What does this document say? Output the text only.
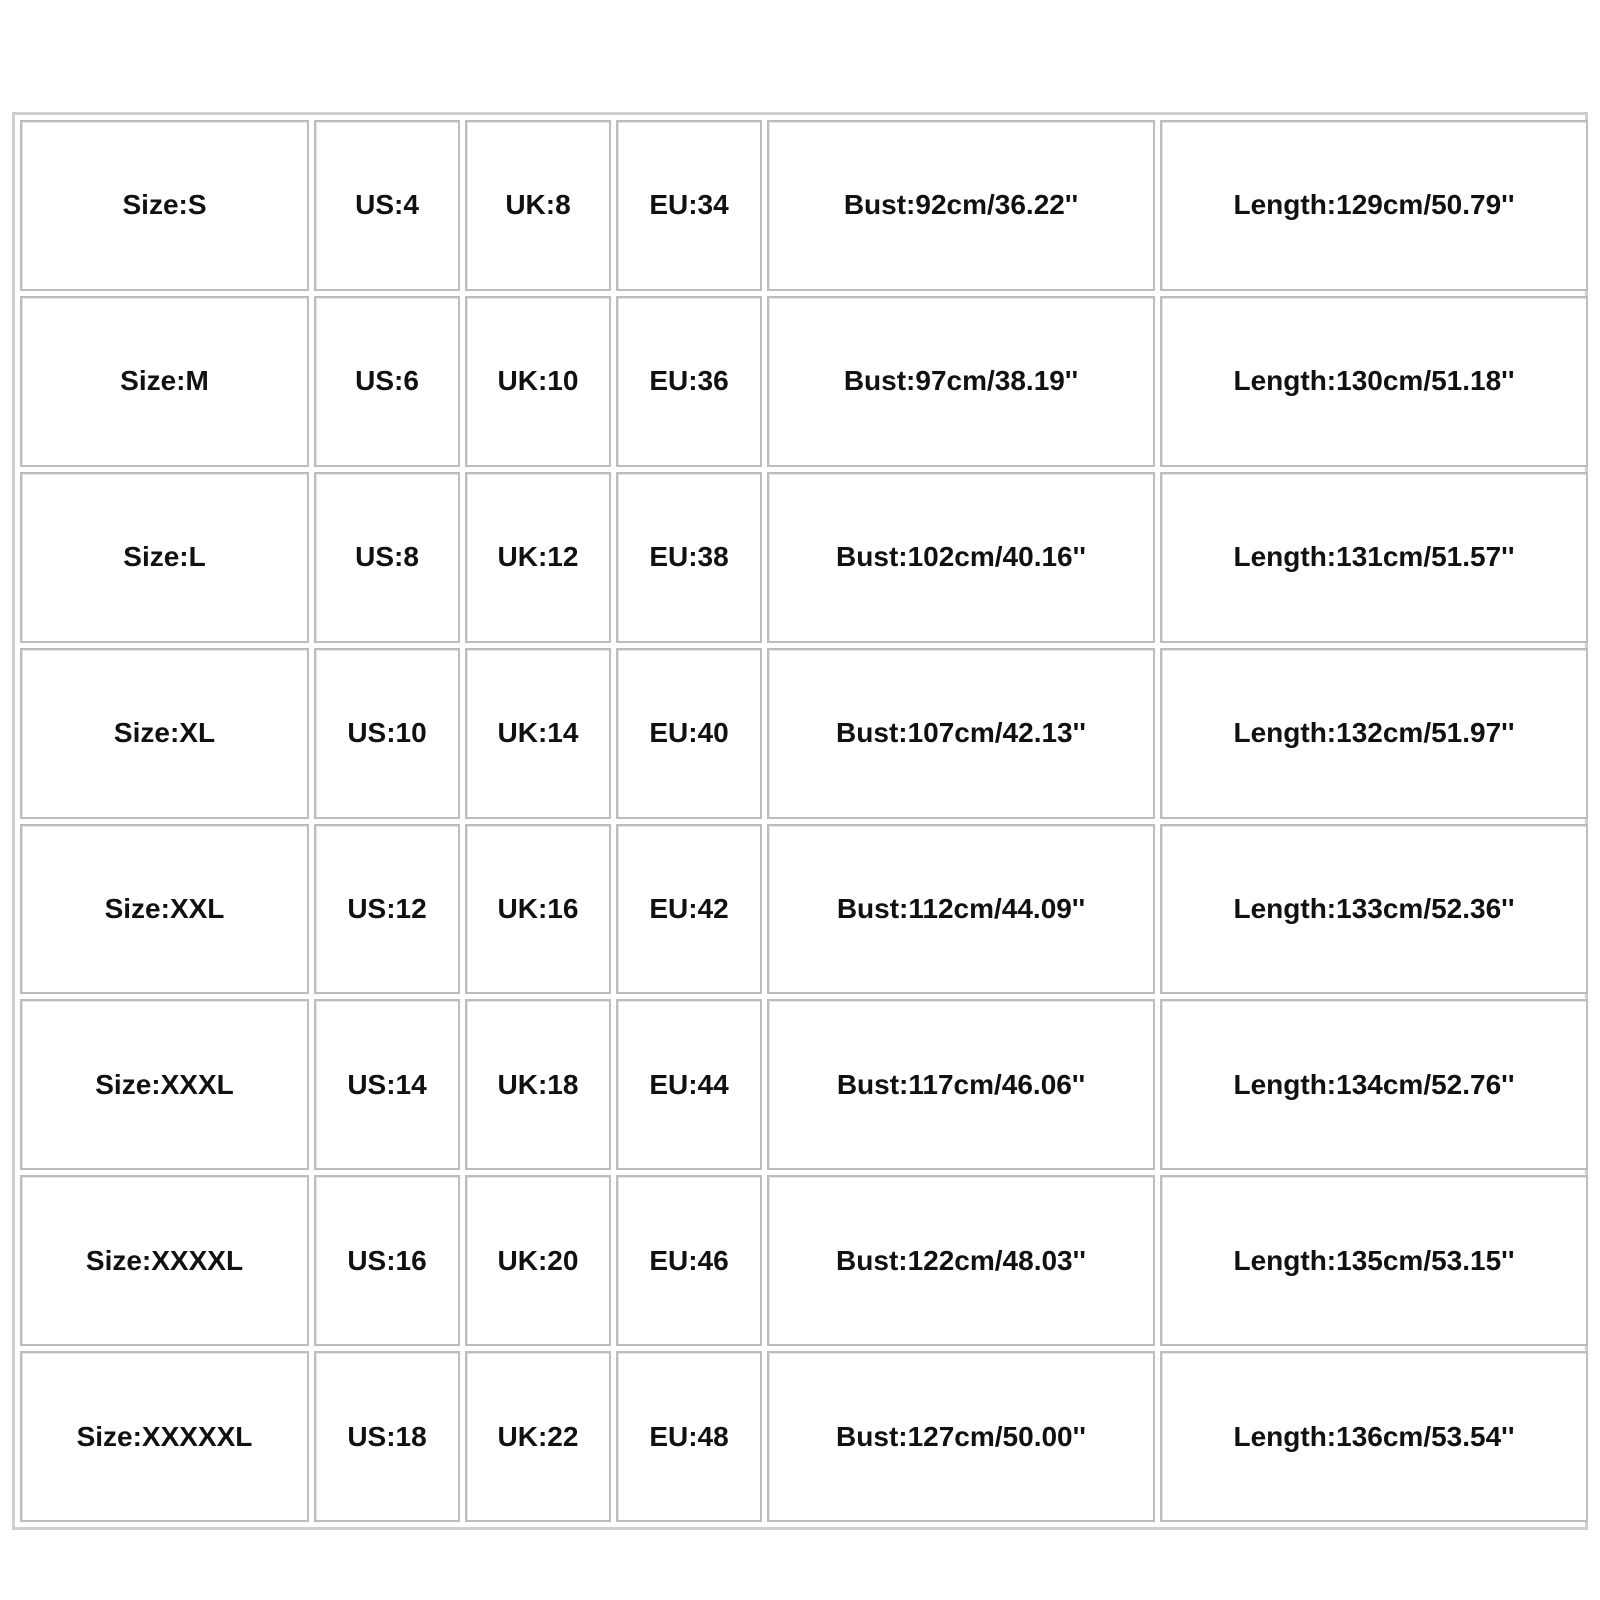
Size:S	US:4	UK:8	EU:34	Bust:92cm/36.22''	Length:129cm/50.79''
Size:M	US:6	UK:10	EU:36	Bust:97cm/38.19''	Length:130cm/51.18''
Size:L	US:8	UK:12	EU:38	Bust:102cm/40.16''	Length:131cm/51.57''
Size:XL	US:10	UK:14	EU:40	Bust:107cm/42.13''	Length:132cm/51.97''
Size:XXL	US:12	UK:16	EU:42	Bust:112cm/44.09''	Length:133cm/52.36''
Size:XXXL	US:14	UK:18	EU:44	Bust:117cm/46.06''	Length:134cm/52.76''
Size:XXXXL	US:16	UK:20	EU:46	Bust:122cm/48.03''	Length:135cm/53.15''
Size:XXXXXL	US:18	UK:22	EU:48	Bust:127cm/50.00''	Length:136cm/53.54''
